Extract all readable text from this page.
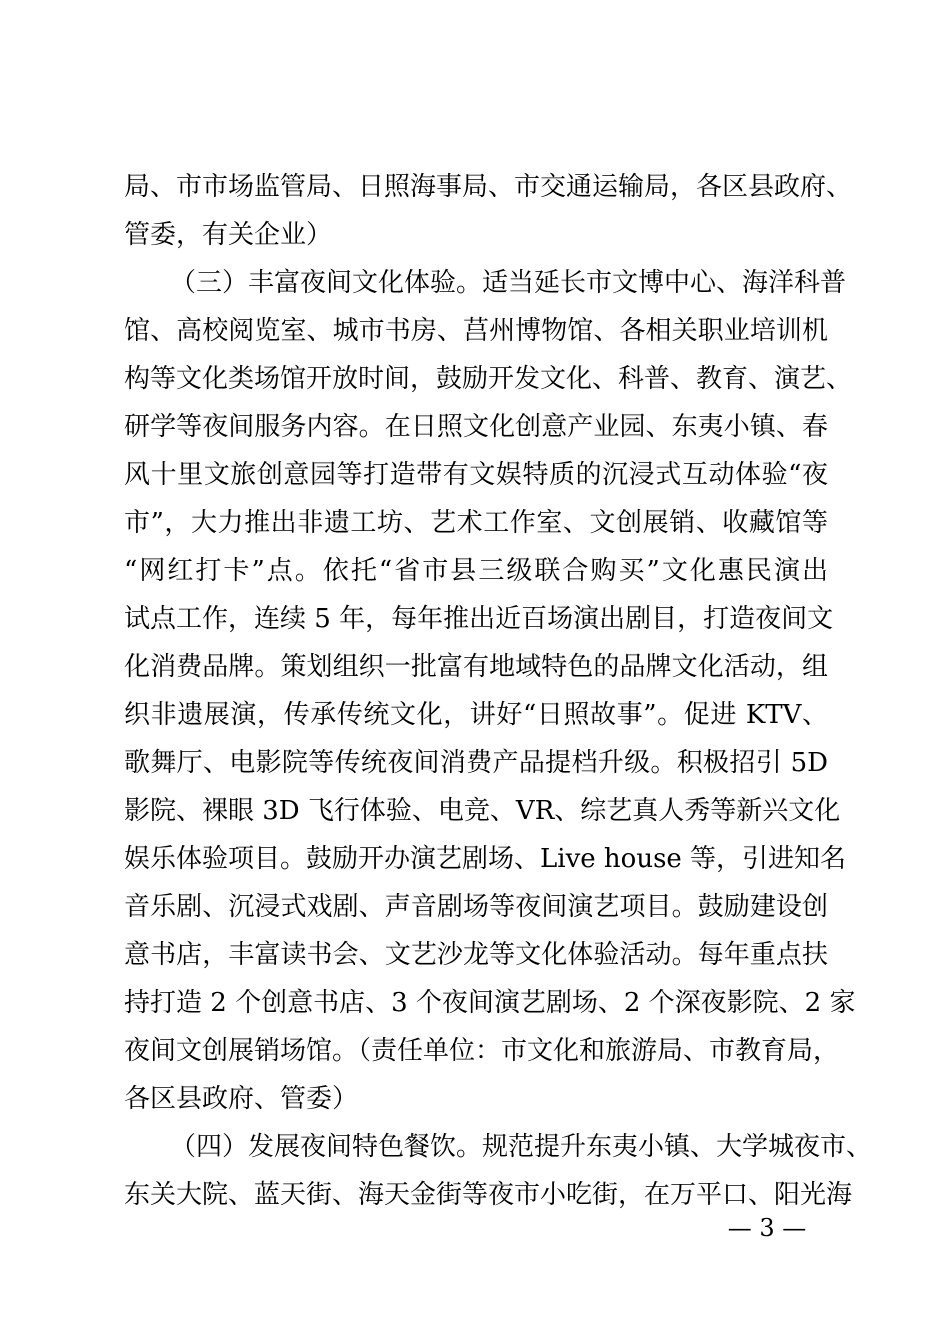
局、市市场监管局、日照海事局、市交通运输局，各区县政府、
管委，有关企业）
（三）丰富夜间文化体验。适当延长市文博中心、海洋科普
馆、高校阅览室、城市书房、莒州博物馆、各相关职业培训机
构等文化类场馆开放时间，鼓励开发文化、科普、教育、演艺、
研学等夜间服务内容。在日照文化创意产业园、东夷小镇、春
风十里文旅创意园等打造带有文娱特质的沉浸式互动体验“夜
市”，大力推出非遗工坊、艺术工作室、文创展销、收藏馆等
“网红打卡”点。依托“省市县三级联合购买”文化惠民演出
试点工作，连续 5 年，每年推出近百场演出剧目，打造夜间文
化消费品牌。策划组织一批富有地域特色的品牌文化活动，组
织非遗展演，传承传统文化，讲好“日照故事”。促进 KTV、
歌舞厅、电影院等传统夜间消费产品提档升级。积极招引 5D
影院、裸眼 3D 飞行体验、电竞、VR、综艺真人秀等新兴文化
娱乐体验项目。鼓励开办演艺剧场、Live house 等，引进知名
音乐剧、沉浸式戏剧、声音剧场等夜间演艺项目。鼓励建设创
意书店，丰富读书会、文艺沙龙等文化体验活动。每年重点扶
持打造 2 个创意书店、3 个夜间演艺剧场、2 个深夜影院、2 家
夜间文创展销场馆。（责任单位：市文化和旅游局、市教育局，
各区县政府、管委）
（四）发展夜间特色餐饮。规范提升东夷小镇、大学城夜市、
东关大院、蓝天街、海天金街等夜市小吃街，在万平口、阳光海
— 3 —
